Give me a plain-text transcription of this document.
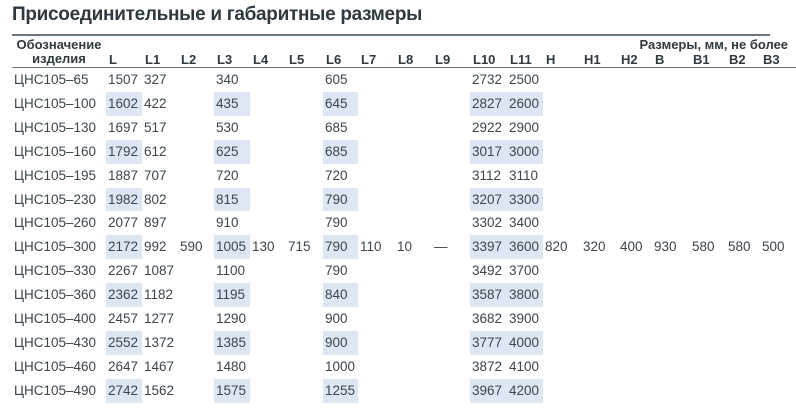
Присоединительные и габаритные размеры
Обозначение
изделия	Размеры, мм, не более																		
	L	L1	L2	L3	L4	L5	L6	L7	L8	L9	L10	L11	H	H1	H2	B	B1	B2	B3
ЦНС105–65	1507	327		340			605				2732	2500							
ЦНС105–100	1602	422		435			645				2827	2600							
ЦНС105–130	1697	517		530			685				2922	2900							
ЦНС105–160	1792	612		625			685				3017	3000							
ЦНС105–195	1887	707		720			720				3112	3110							
ЦНС105–230	1982	802		815			790				3207	3300							
ЦНС105–260	2077	897		910			790				3302	3400							
ЦНС105–300	2172	992	590	1005	130	715	790	110	10	—	3397	3600	820	320	400	930	580	580	500
ЦНС105–330	2267	1087		1100			790				3492	3700							
ЦНС105–360	2362	1182		1195			840				3587	3800							
ЦНС105–400	2457	1277		1290			900				3682	3900							
ЦНС105–430	2552	1372		1385			900				3777	4000							
ЦНС105–460	2647	1467		1480			1000				3872	4100							
ЦНС105–490	2742	1562		1575			1255				3967	4200							
